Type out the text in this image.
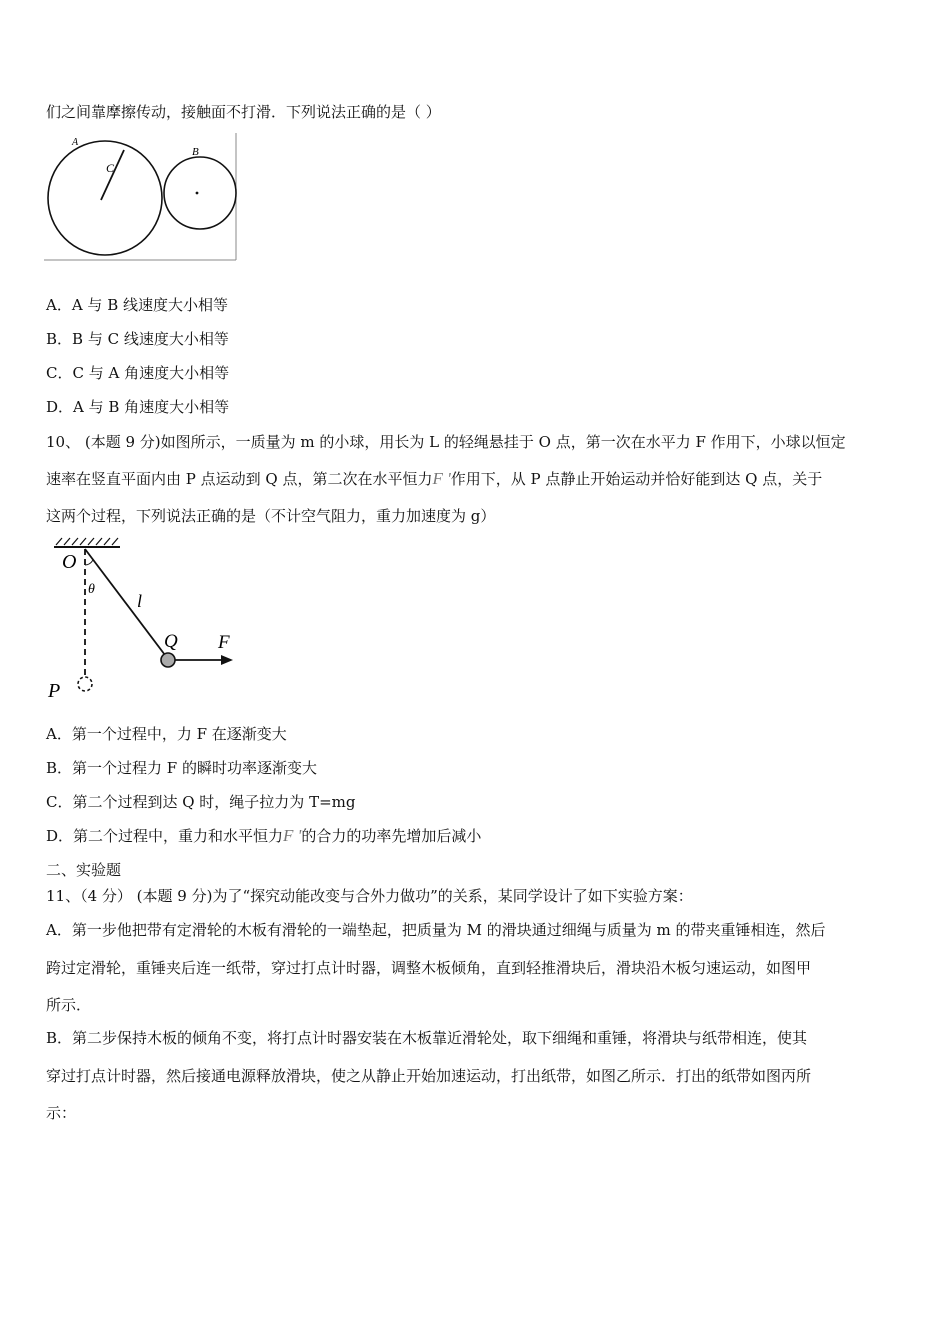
们之间靠摩擦传动，接触面不打滑．下列说法正确的是（ ）
A
C
B
A．A 与 B 线速度大小相等
B．B 与 C 线速度大小相等
C．C 与 A 角速度大小相等
D．A 与 B 角速度大小相等
10、 (本题 9 分)如图所示，一质量为 m 的小球，用长为 L 的轻绳悬挂于 O 点，第一次在水平力 F 作用下，小球以恒定
速率在竖直平面内由 P 点运动到 Q 点，第二次在水平恒力F '作用下，从 P 点静止开始运动并恰好能到达 Q 点，关于
这两个过程，下列说法正确的是（不计空气阻力，重力加速度为 g）
O
θ
l
Q F
P
A．第一个过程中，力 F 在逐渐变大
B．第一个过程力 F 的瞬时功率逐渐变大
C．第二个过程到达 Q 时，绳子拉力为 T=mg
D．第二个过程中，重力和水平恒力F '的合力的功率先增加后减小
二、实验题
11、（4 分） (本题 9 分)为了“探究动能改变与合外力做功”的关系，某同学设计了如下实验方案：
A．第一步他把带有定滑轮的木板有滑轮的一端垫起，把质量为 M 的滑块通过细绳与质量为 m 的带夹重锤相连，然后
跨过定滑轮，重锤夹后连一纸带，穿过打点计时器，调整木板倾角，直到轻推滑块后，滑块沿木板匀速运动，如图甲
所示．
B．第二步保持木板的倾角不变，将打点计时器安装在木板靠近滑轮处，取下细绳和重锤，将滑块与纸带相连，使其
穿过打点计时器，然后接通电源释放滑块，使之从静止开始加速运动，打出纸带，如图乙所示．打出的纸带如图丙所
示：
